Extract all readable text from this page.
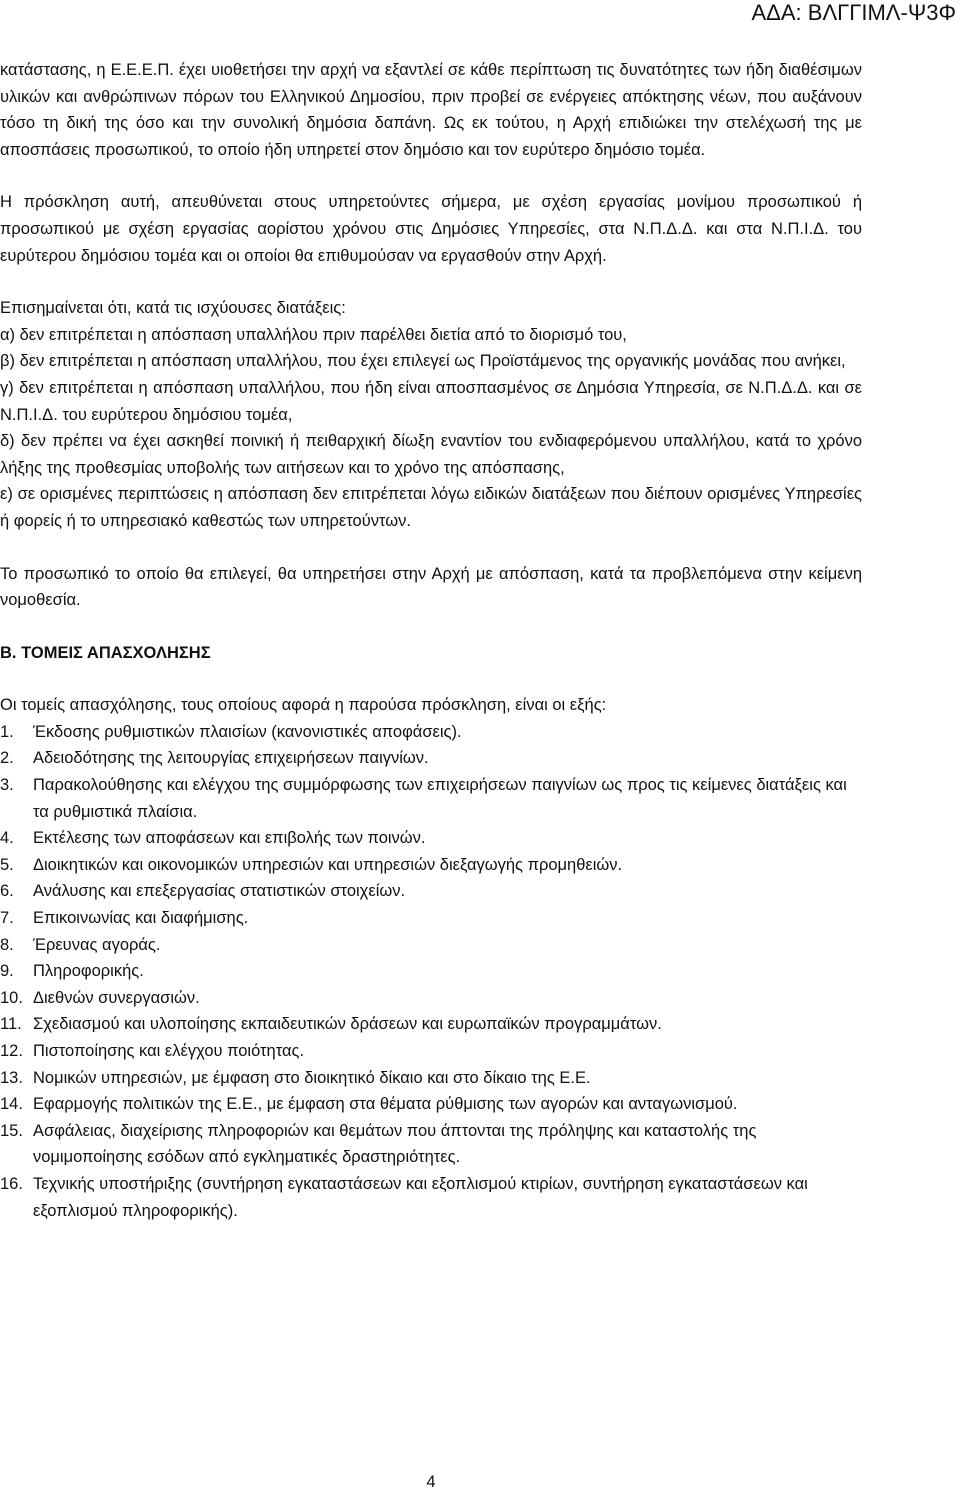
ΑΔΑ: ΒΛΓΓΙΜΛ-Ψ3Φ

κατάστασης, η Ε.Ε.Ε.Π. έχει υιοθετήσει την αρχή να εξαντλεί σε κάθε περίπτωση τις δυνατότητες των ήδη διαθέσιμων υλικών και ανθρώπινων πόρων του Ελληνικού Δημοσίου, πριν προβεί σε ενέργειες απόκτησης νέων, που αυξάνουν τόσο τη δική της όσο και την συνολική δημόσια δαπάνη. Ως εκ τούτου, η Αρχή επιδιώκει την στελέχωσή της με αποσπάσεις προσωπικού, το οποίο ήδη υπηρετεί στον δημόσιο και τον ευρύτερο δημόσιο τομέα.

Η πρόσκληση αυτή, απευθύνεται στους υπηρετούντες σήμερα, με σχέση εργασίας μονίμου προσωπικού ή προσωπικού με σχέση εργασίας αορίστου χρόνου στις Δημόσιες Υπηρεσίες, στα Ν.Π.Δ.Δ. και στα Ν.Π.Ι.Δ. του ευρύτερου δημόσιου τομέα και οι οποίοι θα επιθυμούσαν να εργασθούν στην Αρχή.

Επισημαίνεται ότι, κατά τις ισχύουσες διατάξεις:

α) δεν επιτρέπεται η απόσπαση υπαλλήλου πριν παρέλθει διετία από το διορισμό του,

β) δεν επιτρέπεται η απόσπαση υπαλλήλου, που έχει επιλεγεί ως Προϊστάμενος της οργανικής μονάδας που ανήκει,

γ) δεν επιτρέπεται η απόσπαση υπαλλήλου, που ήδη είναι αποσπασμένος σε Δημόσια Υπηρεσία, σε Ν.Π.Δ.Δ. και σε Ν.Π.Ι.Δ. του ευρύτερου δημόσιου τομέα,

δ) δεν πρέπει να έχει ασκηθεί ποινική ή πειθαρχική δίωξη εναντίον του ενδιαφερόμενου υπαλλήλου, κατά το χρόνο λήξης της προθεσμίας υποβολής των αιτήσεων και το χρόνο της απόσπασης,

ε) σε ορισμένες περιπτώσεις η απόσπαση δεν επιτρέπεται λόγω ειδικών διατάξεων που διέπουν ορισμένες Υπηρεσίες ή φορείς ή το υπηρεσιακό καθεστώς των υπηρετούντων.

Το προσωπικό το οποίο θα επιλεγεί, θα υπηρετήσει στην Αρχή με απόσπαση, κατά τα προβλεπόμενα στην κείμενη νομοθεσία.

Β. ΤΟΜΕΙΣ ΑΠΑΣΧΟΛΗΣΗΣ

Οι τομείς απασχόλησης, τους οποίους αφορά η παρούσα πρόσκληση, είναι οι εξής:

1.	Έκδοσης ρυθμιστικών πλαισίων (κανονιστικές αποφάσεις).
2.	Αδειοδότησης της λειτουργίας επιχειρήσεων παιγνίων.
3.	Παρακολούθησης και ελέγχου της συμμόρφωσης των επιχειρήσεων παιγνίων ως προς τις κείμενες διατάξεις και τα ρυθμιστικά πλαίσια.
4.	Εκτέλεσης των αποφάσεων και επιβολής των ποινών.
5.	Διοικητικών και οικονομικών υπηρεσιών και υπηρεσιών διεξαγωγής προμηθειών.
6.	Ανάλυσης και επεξεργασίας στατιστικών στοιχείων.
7.	Επικοινωνίας και διαφήμισης.
8.	Έρευνας αγοράς.
9.	Πληροφορικής.
10. Διεθνών συνεργασιών.
11. Σχεδιασμού και υλοποίησης εκπαιδευτικών δράσεων και ευρωπαϊκών προγραμμάτων.
12. Πιστοποίησης και ελέγχου ποιότητας.
13. Νομικών υπηρεσιών, με έμφαση στο διοικητικό δίκαιο και στο δίκαιο της Ε.Ε.
14. Εφαρμογής πολιτικών της Ε.Ε., με έμφαση στα θέματα ρύθμισης των αγορών και ανταγωνισμού.
15. Ασφάλειας, διαχείρισης πληροφοριών και θεμάτων που άπτονται της πρόληψης και καταστολής της νομιμοποίησης εσόδων από εγκληματικές δραστηριότητες.
16. Τεχνικής υποστήριξης (συντήρηση εγκαταστάσεων και εξοπλισμού κτιρίων, συντήρηση εγκαταστάσεων και εξοπλισμού πληροφορικής).
4
